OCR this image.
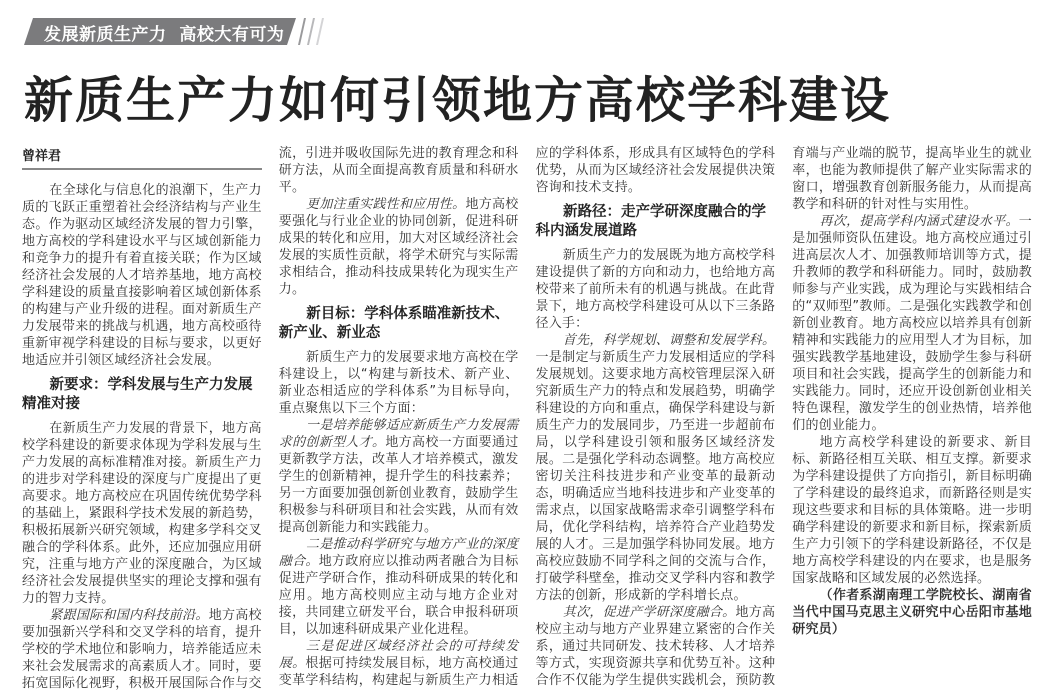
发展新质生产力  高校大有可为
新质生产力如何引领地方高校学科建设
曾祥君

在全球化与信息化的浪潮下，生产力质的飞跃正重塑着社会经济结构与产业生态。作为驱动区域经济发展的智力引擎，地方高校的学科建设水平与区域创新能力和竞争力的提升有着直接关联；作为区域经济社会发展的人才培养基地，地方高校学科建设的质量直接影响着区域创新体系的构建与产业升级的进程。面对新质生产力发展带来的挑战与机遇，地方高校亟待重新审视学科建设的目标与要求，以更好地适应并引领区域经济社会发展。

新要求：学科发展与生产力发展精准对接

在新质生产力发展的背景下，地方高校学科建设的新要求体现为学科发展与生产力发展的高标准精准对接。新质生产力的进步对学科建设的深度与广度提出了更高要求。地方高校应在巩固传统优势学科的基础上，紧跟科学技术发展的新趋势，积极拓展新兴研究领域，构建多学科交叉融合的学科体系。此外，还应加强应用研究，注重与地方产业的深度融合，为区域经济社会发展提供坚实的理论支撑和强有力的智力支持。

紧跟国际和国内科技前沿。地方高校要加强新兴学科和交叉学科的培育，提升学校的学术地位和影响力，培养能适应未来社会发展需求的高素质人才。同时，要拓宽国际化视野，积极开展国际合作与交流，引进并吸收国际先进的教育理念和科研方法，从而全面提高教育质量和科研水平。

更加注重实践性和应用性。地方高校要强化与行业企业的协同创新，促进科研成果的转化和应用，加大对区域经济社会发展的实质性贡献，将学术研究与实际需求相结合，推动科技成果转化为现实生产力。

新目标：学科体系瞄准新技术、新产业、新业态

新质生产力的发展要求地方高校在学科建设上，以“构建与新技术、新产业、新业态相适应的学科体系”为目标导向，重点聚焦以下三个方面：

一是培养能够适应新质生产力发展需求的创新型人才。地方高校一方面要通过更新教学方法，改革人才培养模式，激发学生的创新精神，提升学生的科技素养；另一方面要加强创新创业教育，鼓励学生积极参与科研项目和社会实践，从而有效提高创新能力和实践能力。

二是推动科学研究与地方产业的深度融合。地方政府应以推动两者融合为目标促进产学研合作，推动科研成果的转化和应用。地方高校则应主动与地方企业对接，共同建立研发平台，联合申报科研项目，以加速科研成果产业化进程。

三是促进区域经济社会的可持续发展。根据可持续发展目标，地方高校通过变革学科结构，构建起与新质生产力相适应的学科体系，形成具有区域特色的学科优势，从而为区域经济社会发展提供决策咨询和技术支持。

新路径：走产学研深度融合的学科内涵发展道路

新质生产力的发展既为地方高校学科建设提供了新的方向和动力，也给地方高校带来了前所未有的机遇与挑战。在此背景下，地方高校学科建设可从以下三条路径入手：

首先，科学规划、调整和发展学科。一是制定与新质生产力发展相适应的学科发展规划。这要求地方高校管理层深入研究新质生产力的特点和发展趋势，明确学科建设的方向和重点，确保学科建设与新质生产力的发展同步，乃至进一步超前布局，以学科建设引领和服务区域经济发展。二是强化学科动态调整。地方高校应密切关注科技进步和产业变革的最新动态，明确适应当地科技进步和产业变革的需求点，以国家战略需求牵引调整学科布局，优化学科结构，培养符合产业趋势发展的人才。三是加强学科协同发展。地方高校应鼓励不同学科之间的交流与合作，打破学科壁垒，推动交叉学科内容和教学方法的创新，形成新的学科增长点。

其次，促进产学研深度融合。地方高校应主动与地方产业界建立紧密的合作关系，通过共同研发、技术转移、人才培养等方式，实现资源共享和优势互补。这种合作不仅能为学生提供实践机会，预防教育端与产业端的脱节，提高毕业生的就业率，也能为教师提供了解产业实际需求的窗口，增强教育创新服务能力，从而提高教学和科研的针对性与实用性。

再次，提高学科内涵式建设水平。一是加强师资队伍建设。地方高校应通过引进高层次人才、加强教师培训等方式，提升教师的教学和科研能力。同时，鼓励教师参与产业实践，成为理论与实践相结合的“双师型”教师。二是强化实践教学和创新创业教育。地方高校应以培养具有创新精神和实践能力的应用型人才为目标，加强实践教学基地建设，鼓励学生参与科研项目和社会实践，提高学生的创新能力和实践能力。同时，还应开设创新创业相关特色课程，激发学生的创业热情，培养他们的创业能力。

地方高校学科建设的新要求、新目标、新路径相互关联、相互支撑。新要求为学科建设提供了方向指引，新目标明确了学科建设的最终追求，而新路径则是实现这些要求和目标的具体策略。进一步明确学科建设的新要求和新目标，探索新质生产力引领下的学科建设新路径，不仅是地方高校学科建设的内在要求，也是服务国家战略和区域发展的必然选择。

（作者系湖南理工学院校长、湖南省当代中国马克思主义研究中心岳阳市基地研究员）
